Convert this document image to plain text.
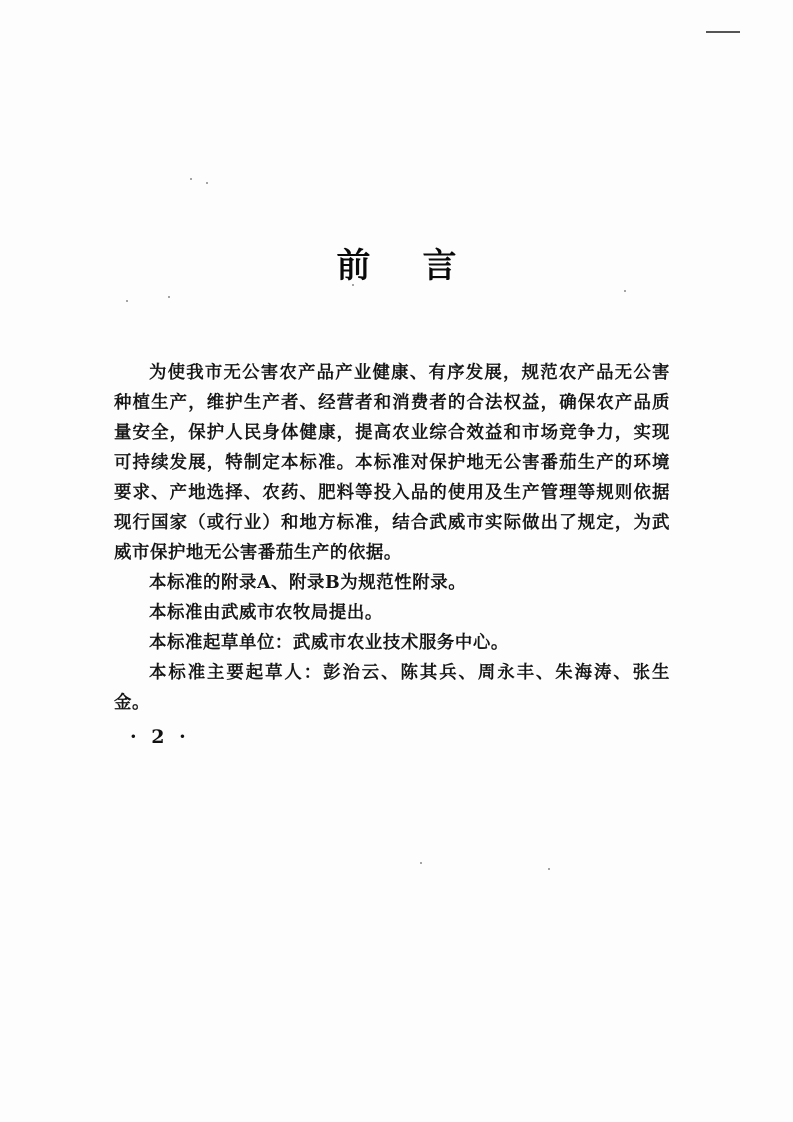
前言

为使我市无公害农产品产业健康、有序发展，规范农产品无公害种植生产，维护生产者、经营者和消费者的合法权益，确保农产品质量安全，保护人民身体健康，提高农业综合效益和市场竞争力，实现可持续发展，特制定本标准。本标准对保护地无公害番茄生产的环境要求、产地选择、农药、肥料等投入品的使用及生产管理等规则依据现行国家（或行业）和地方标准，结合武威市实际做出了规定，为武威市保护地无公害番茄生产的依据。

本标准的附录A、附录B为规范性附录。

本标准由武威市农牧局提出。

本标准起草单位：武威市农业技术服务中心。

本标准主要起草人：彭治云、陈其兵、周永丰、朱海涛、张生金。

· 2 ·
